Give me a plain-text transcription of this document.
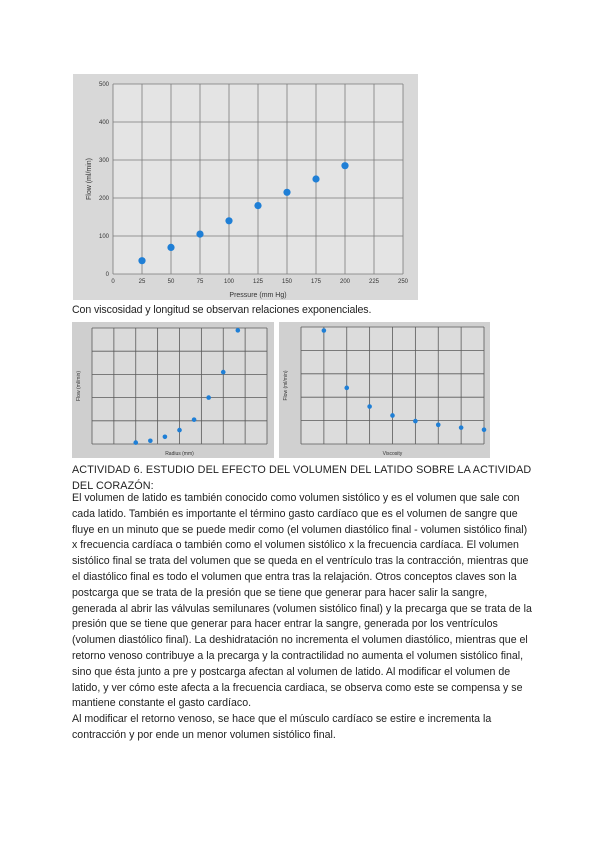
0	25	50	75	100	125	150	175	200	225	250
0
100
200
300
400
500
Pressure (mm Hg)
Flow (ml/min)
Con viscosidad y longitud se observan relaciones exponenciales.
Radius (mm)
Flow (ml/min)
Viscosity
Flow (ml/min)
ACTIVIDAD 6. ESTUDIO DEL EFECTO DEL VOLUMEN DEL LATIDO SOBRE LA ACTIVIDAD DEL CORAZÓN:

El volumen de latido es también conocido como volumen sistólico y es el volumen que sale con cada latido. También es importante el término gasto cardíaco que es el volumen de sangre que fluye en un minuto que se puede medir como (el volumen diastólico final - volumen sistólico final) x frecuencia cardíaca o también como el volumen sistólico x la frecuencia cardíaca. El volumen sistólico final se trata del volumen que se queda en el ventrículo tras la contracción, mientras que el diastólico final es todo el volumen que entra tras la relajación. Otros conceptos claves son la postcarga que se trata de la presión que se tiene que generar para hacer salir la sangre, generada al abrir las válvulas semilunares (volumen sistólico final) y la precarga que se trata de la presión que se tiene que generar para hacer entrar la sangre, generada por los ventrículos (volumen diastólico final). La deshidratación no incrementa el volumen diastólico, mientras que el retorno venoso contribuye a la precarga y la contractilidad no aumenta el volumen sistólico final, sino que ésta junto a pre y postcarga afectan al volumen de latido. Al modificar el volumen de latido, y ver cómo este afecta a la frecuencia cardiaca, se observa como este se compensa y se mantiene constante el gasto cardíaco.

Al modificar el retorno venoso, se hace que el músculo cardíaco se estire e incrementa la contracción y por ende un menor volumen sistólico final.
